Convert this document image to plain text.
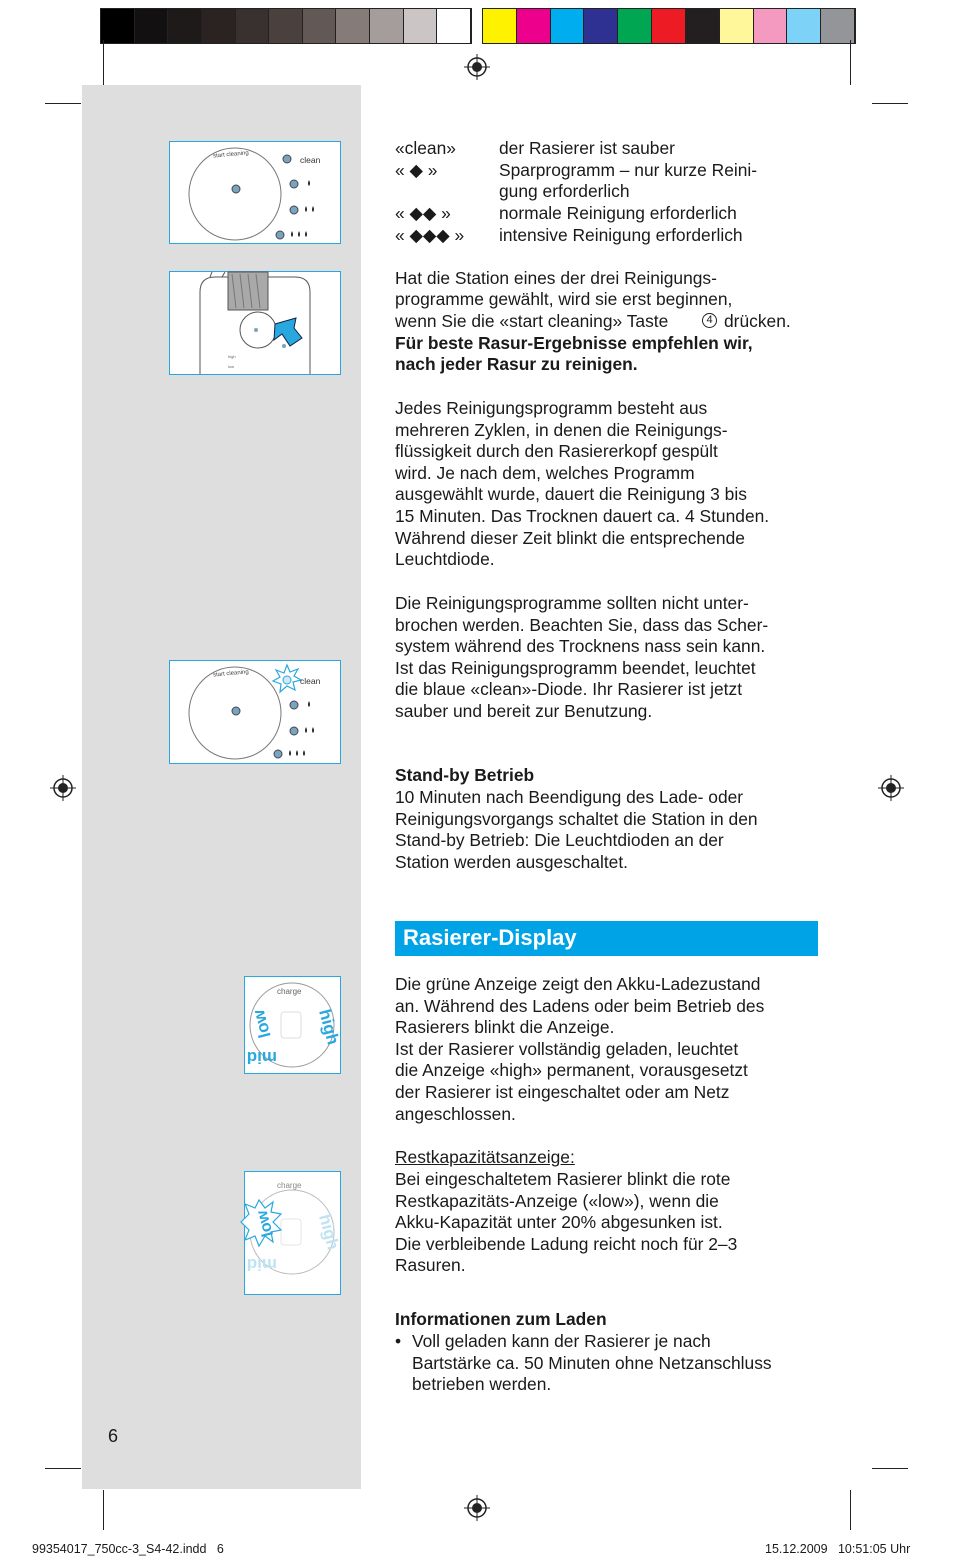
start cleaning
clean
high
low
start cleaning
clean
charge
high
low
mid
charge
high
low
mid
«clean» der Rasierer ist sauber
« ◆ »	Sparprogramm – nur kurze Reini-
gung erforderlich
« ◆◆ »	normale Reinigung erforderlich
« ◆◆◆ » intensive Reinigung erforderlich
Hat die Station eines der drei Reinigungs-
programme gewählt, wird sie erst beginnen,
wenn Sie die «start cleaning» Taste	4 drücken.
Für beste Rasur-Ergebnisse empfehlen wir,
nach jeder Rasur zu reinigen.
Jedes Reinigungsprogramm besteht aus
mehreren Zyklen, in denen die Reinigungs-
flüssigkeit durch den Rasiererkopf gespült
wird. Je nach dem, welches Programm
ausgewählt wurde, dauert die Reinigung 3 bis
15 Minuten. Das Trocknen dauert ca. 4 Stunden.
Während dieser Zeit blinkt die entsprechende
Leuchtdiode.
Die Reinigungsprogramme sollten nicht unter-
brochen werden. Beachten Sie, dass das Scher-
system während des Trocknens nass sein kann.
Ist das Reinigungsprogramm beendet, leuchtet
die blaue «clean»-Diode. Ihr Rasierer ist jetzt
sauber und bereit zur Benutzung.
Stand-by Betrieb
10 Minuten nach Beendigung des Lade- oder
Reinigungsvorgangs schaltet die Station in den
Stand-by Betrieb: Die Leuchtdioden an der
Station werden ausgeschaltet.
Rasierer-Display
Die grüne Anzeige zeigt den Akku-Ladezustand
an. Während des Ladens oder beim Betrieb des
Rasierers blinkt die Anzeige.
Ist der Rasierer vollständig geladen, leuchtet
die Anzeige «high» permanent, vorausgesetzt
der Rasierer ist eingeschaltet oder am Netz
angeschlossen.
Restkapazitätsanzeige:
Bei eingeschaltetem Rasierer blinkt die rote
Restkapazitäts-Anzeige («low»), wenn die
Akku-Kapazität unter 20% abgesunken ist.
Die verbleibende Ladung reicht noch für 2–3
Rasuren.
Informationen zum Laden
• Voll geladen kann der Rasierer je nach
Bartstärke ca. 50 Minuten ohne Netzanschluss
betrieben werden.
6
99354017_750cc-3_S4-42.indd   6	15.12.2009   10:51:05 Uhr
